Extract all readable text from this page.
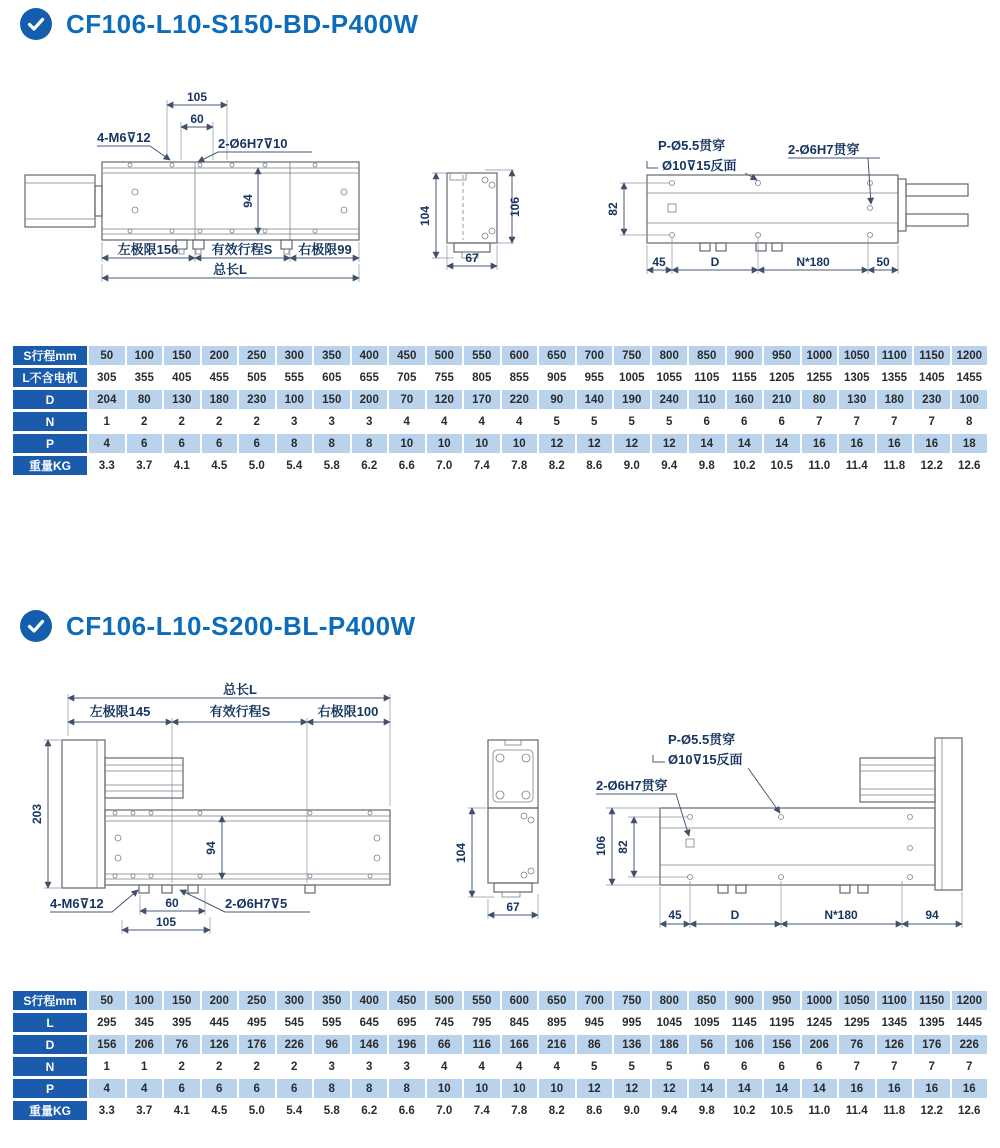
CF106-L10-S150-BD-P400W
105
60
4-M6⊽12	2-Ø6H7⊽10
94
左极限156	有效行程S 右极限99
总长L
104	106
67
P-Ø5.5贯穿
Ø10⊽15反面
2-Ø6H7贯穿
82
45	D	N*180	50
S行程mm	50	100	150	200	250	300	350	400	450	500	550	600	650	700	750	800	850	900	950	1000	1050	1100	1150	1200
L不含电机	305	355	405	455	505	555	605	655	705	755	805	855	905	955	1005	1055	1105	1155	1205	1255	1305	1355	1405	1455
D	204	80	130	180	230	100	150	200	70	120	170	220	90	140	190	240	110	160	210	80	130	180	230	100
N	1	2	2	2	2	3	3	3	4	4	4	4	5	5	5	5	6	6	6	7	7	7	7	8
P	4	6	6	6	6	8	8	8	10	10	10	10	12	12	12	12	14	14	14	16	16	16	16	18
重量KG	3.3	3.7	4.1	4.5	5.0	5.4	5.8	6.2	6.6	7.0	7.4	7.8	8.2	8.6	9.0	9.4	9.8	10.2	10.5	11.0	11.4	11.8	12.2	12.6
CF106-L10-S200-BL-P400W
总长L
左极限145	有效行程S	右极限100
203
94
4-M6⊽12	60
105
2-Ø6H7⊽5
104
67
P-Ø5.5贯穿
Ø10⊽15反面
2-Ø6H7贯穿
106 82
45	D	N*180	94
S行程mm	50	100	150	200	250	300	350	400	450	500	550	600	650	700	750	800	850	900	950	1000	1050	1100	1150	1200
L	295	345	395	445	495	545	595	645	695	745	795	845	895	945	995	1045	1095	1145	1195	1245	1295	1345	1395	1445
D	156	206	76	126	176	226	96	146	196	66	116	166	216	86	136	186	56	106	156	206	76	126	176	226
N	1	1	2	2	2	2	3	3	3	4	4	4	4	5	5	5	6	6	6	6	7	7	7	7
P	4	4	6	6	6	6	8	8	8	10	10	10	10	12	12	12	14	14	14	14	16	16	16	16
重量KG	3.3	3.7	4.1	4.5	5.0	5.4	5.8	6.2	6.6	7.0	7.4	7.8	8.2	8.6	9.0	9.4	9.8	10.2	10.5	11.0	11.4	11.8	12.2	12.6
